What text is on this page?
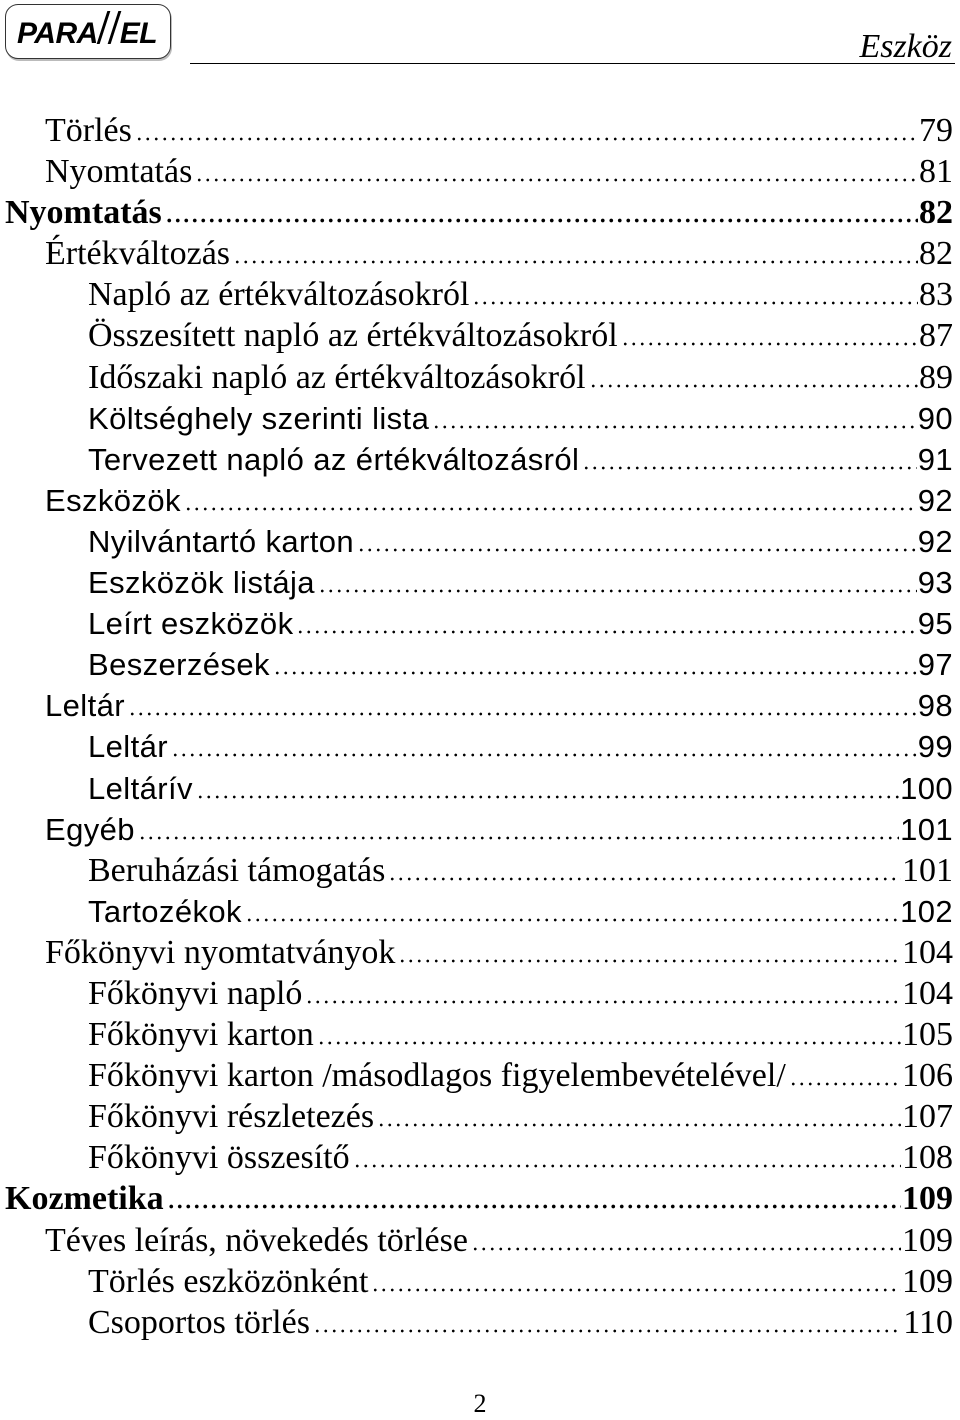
PARA EL	Eszköz
Törlés	79
Nyomtatás	81
Nyomtatás	82
Értékváltozás	82
Napló az értékváltozásokról	83
Összesített napló az értékváltozásokról	87
Időszaki napló az értékváltozásokról	89
Költséghely szerinti lista	90
Tervezett napló az értékváltozásról	91
Eszközök	92
Nyilvántartó karton	92
Eszközök listája	93
Leírt eszközök	95
Beszerzések	97
Leltár	98
Leltár	99
Leltárív	100
Egyéb	101
Beruházási támogatás	101
Tartozékok	102
Főkönyvi nyomtatványok	104
Főkönyvi napló	104
Főkönyvi karton	105
Főkönyvi karton /másodlagos figyelembevételével/	106
Főkönyvi részletezés	107
Főkönyvi összesítő	108
Kozmetika	109
Téves leírás, növekedés törlése	109
Törlés eszközönként	109
Csoportos törlés	110
2
